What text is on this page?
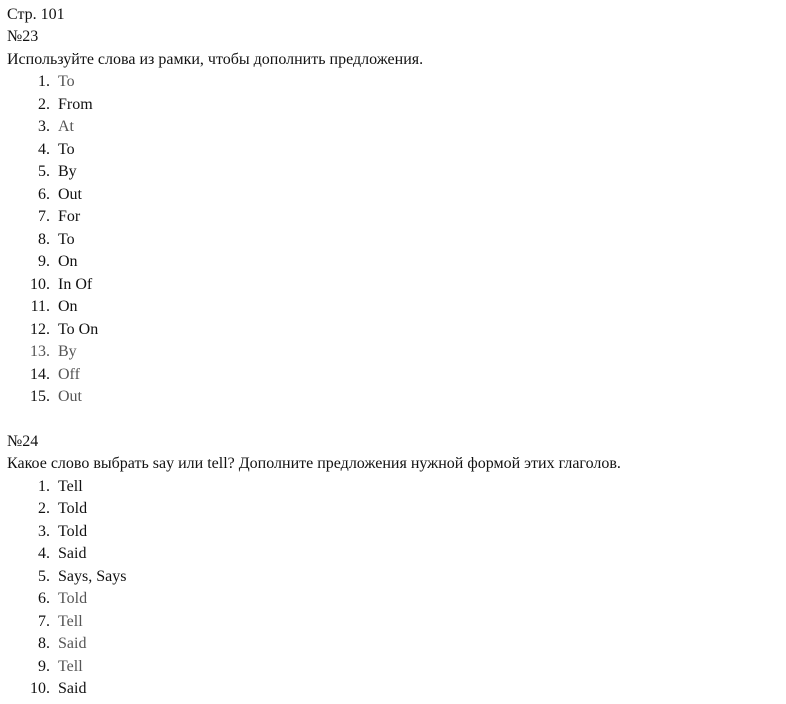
Стр. 101
№23
Используйте слова из рамки, чтобы дополнить предложения.
1. To
2. From
3. At
4. To
5. By
6. Out
7. For
8. To
9. On
10. In Of
11. On
12. To On
13. By
14. Off
15. Out
№24
Какое слово выбрать say или tell? Дополните предложения нужной формой этих глаголов.
1. Tell
2. Told
3. Told
4. Said
5. Says, Says
6. Told
7. Tell
8. Said
9. Tell
10. Said
